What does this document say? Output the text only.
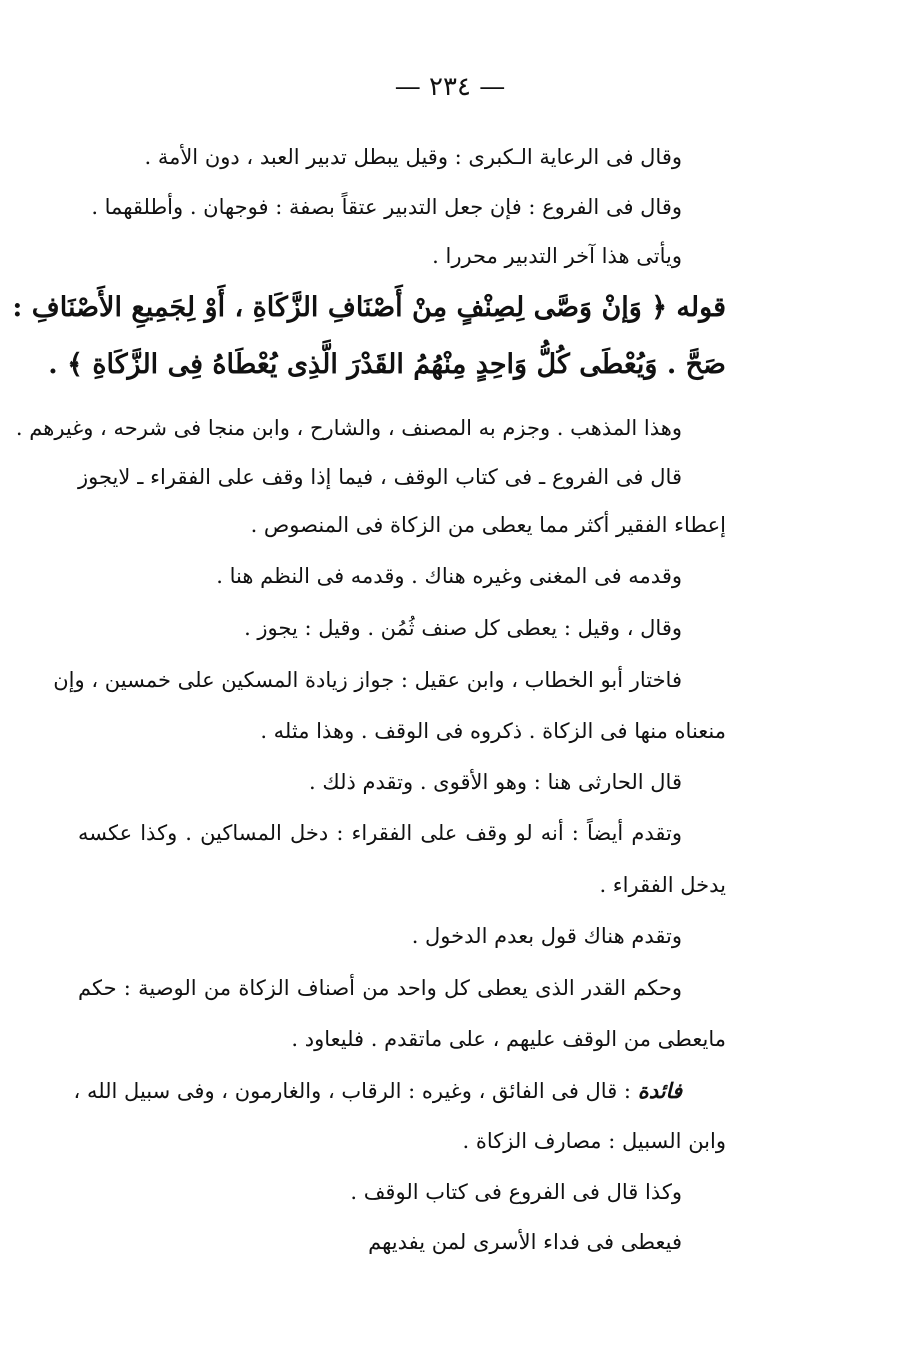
— ٢٣٤ —
وقال فى الرعاية الـكبرى : وقيل يبطل تدبير العبد ، دون الأمة .
وقال فى الفروع : فإن جعل التدبير عتقاً بصفة : فوجهان . وأطلقهما .
ويأتى هذا آخر التدبير محررا .
قوله ﴿ وَإنْ وَصَّى لِصِنْفٍ مِنْ أَصْنَافِ الزَّكَاةِ ، أَوْ لِجَمِيعِ الأَصْنَافِ :
صَحَّ . وَيُعْطَى كُلُّ وَاحِدٍ مِنْهُمُ القَدْرَ الَّذِى يُعْطَاهُ فِى الزَّكَاةِ ﴾ .
وهذا المذهب . وجزم به المصنف ، والشارح ، وابن منجا فى شرحه ، وغيرهم .
قال فى الفروع ـ فى كتاب الوقف ، فيما إذا وقف على الفقراء ـ لايجوز
إعطاء الفقير أكثر مما يعطى من الزكاة فى المنصوص .
وقدمه فى المغنى وغيره هناك . وقدمه فى النظم هنا .
وقال ، وقيل : يعطى كل صنف ثُمُن . وقيل : يجوز .
فاختار أبو الخطاب ، وابن عقيل : جواز زيادة المسكين على خمسين ، وإن
منعناه منها فى الزكاة . ذكروه فى الوقف . وهذا مثله .
قال الحارثى هنا : وهو الأقوى . وتقدم ذلك .
وتقدم أيضاً : أنه لو وقف على الفقراء : دخل المساكين . وكذا عكسه
يدخل الفقراء .
وتقدم هناك قول بعدم الدخول .
وحكم القدر الذى يعطى كل واحد من أصناف الزكاة من الوصية : حكم
مايعطى من الوقف عليهم ، على ماتقدم . فليعاود .
فائدة : قال فى الفائق ، وغيره : الرقاب ، والغارمون ، وفى سبيل الله ،
وابن السبيل : مصارف الزكاة .
وكذا قال فى الفروع فى كتاب الوقف .
فيعطى فى فداء الأسرى لمن يفديهم
